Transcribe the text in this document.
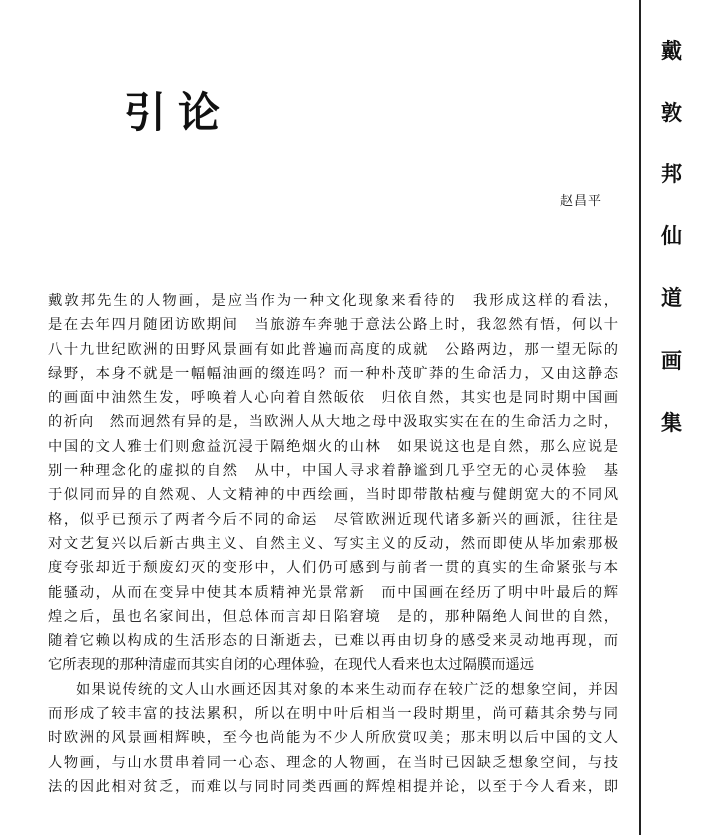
引论
赵昌平
戴敦邦先生的人物画，是应当作为一种文化现象来看待的　我形成这样的看法，
是在去年四月随团访欧期间　当旅游车奔驰于意法公路上时，我忽然有悟，何以十
八十九世纪欧洲的田野风景画有如此普遍而高度的成就　公路两边，那一望无际的
绿野，本身不就是一幅幅油画的缀连吗？而一种朴茂旷莽的生命活力，又由这静态
的画面中油然生发，呼唤着人心向着自然皈依　归依自然，其实也是同时期中国画
的祈向　然而迥然有异的是，当欧洲人从大地之母中汲取实实在在的生命活力之时，
中国的文人雅士们则愈益沉浸于隔绝烟火的山林　如果说这也是自然，那么应说是
别一种理念化的虚拟的自然　从中，中国人寻求着静谧到几乎空无的心灵体验　基
于似同而异的自然观、人文精神的中西绘画，当时即带散枯瘦与健朗宽大的不同风
格，似乎已预示了两者今后不同的命运　尽管欧洲近现代诸多新兴的画派，往往是
对文艺复兴以后新古典主义、自然主义、写实主义的反动，然而即使从毕加索那极
度夸张却近于颓废幻灭的变形中，人们仍可感到与前者一贯的真实的生命紧张与本
能骚动，从而在变异中使其本质精神光景常新　而中国画在经历了明中叶最后的辉
煌之后，虽也名家间出，但总体而言却日陷窘境　是的，那种隔绝人间世的自然，
随着它赖以构成的生活形态的日渐逝去，已难以再由切身的感受来灵动地再现，而
它所表现的那种清虚而其实自闭的心理体验，在现代人看来也太过隔膜而遥远
如果说传统的文人山水画还因其对象的本来生动而存在较广泛的想象空间，并因
而形成了较丰富的技法累积，所以在明中叶后相当一段时期里，尚可藉其余势与同
时欧洲的风景画相辉映，至今也尚能为不少人所欣赏叹美；那末明以后中国的文人
人物画，与山水贯串着同一心态、理念的人物画，在当时已因缺乏想象空间，与技
法的因此相对贫乏，而难以与同时同类西画的辉煌相提并论，以至于今人看来，即
戴
敦
邦
仙
道
画
集
